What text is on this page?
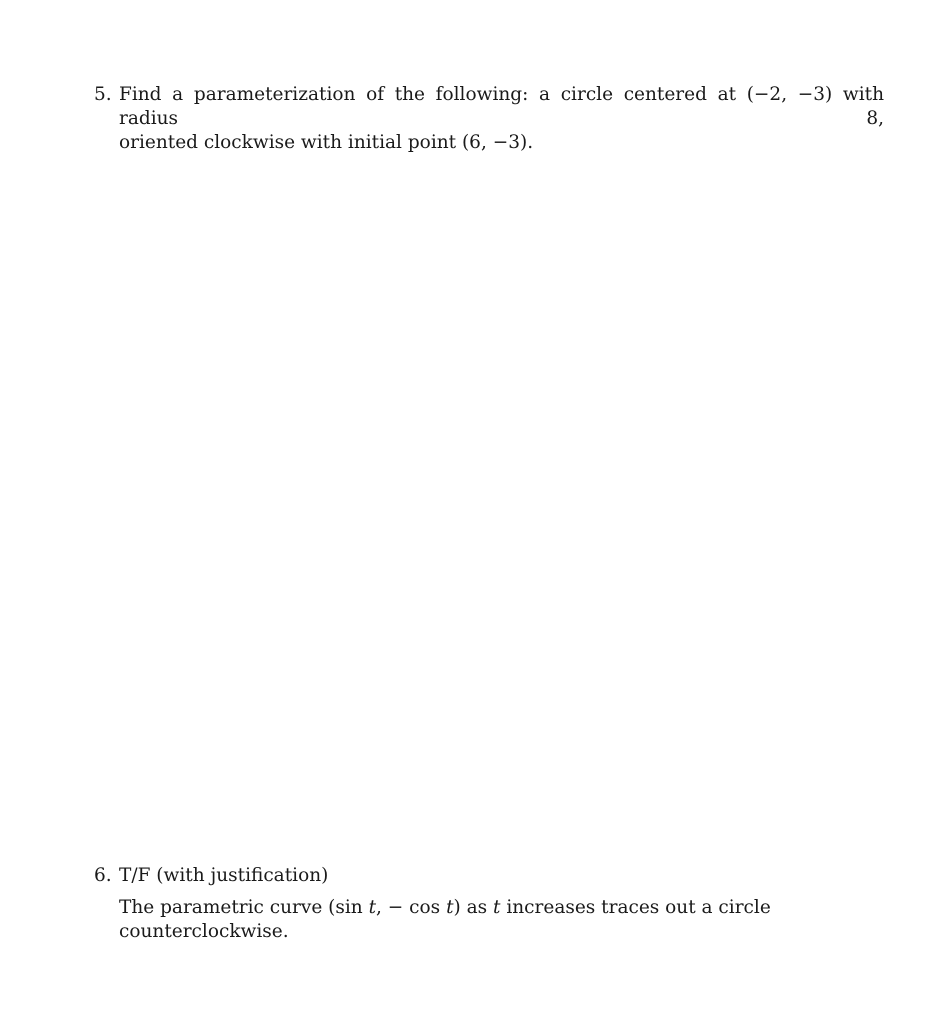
5. Find a parameterization of the following: a circle centered at (−2, −3) with radius 8,
oriented clockwise with initial point (6, −3).
6. T/F (with justification)
The parametric curve (sin t, − cos t) as t increases traces out a circle counterclockwise.
